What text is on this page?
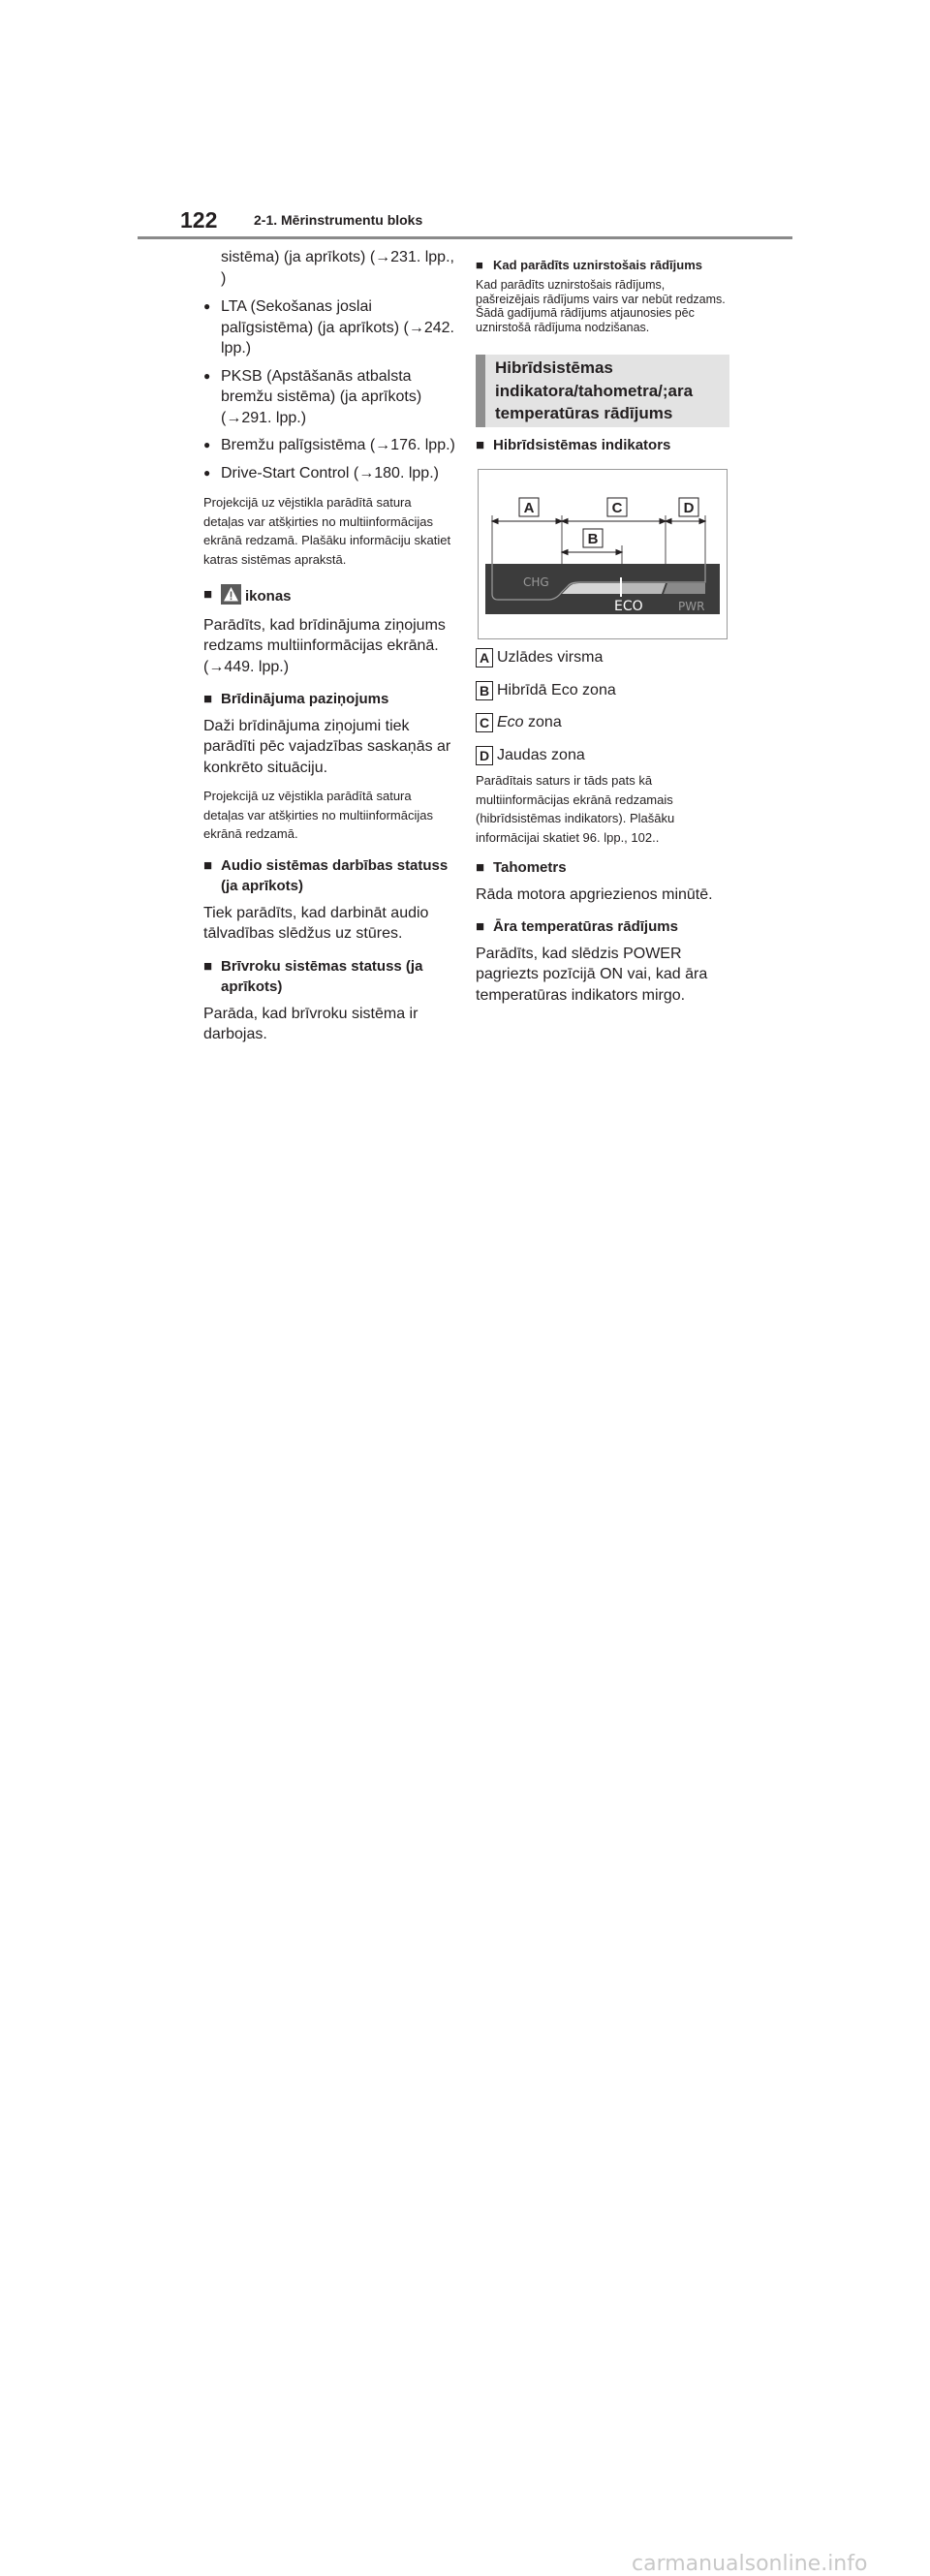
122	2-1. Mērinstrumentu bloks

sistēma) (ja aprīkots) (→231. lpp., )

● LTA (Sekošanas joslai palīgsistēma) (ja aprīkots) (→242. lpp.)

● PKSB (Apstāšanās atbalsta bremžu sistēma) (ja aprīkots) (→291. lpp.)

● Bremžu palīgsistēma (→176. lpp.)

● Drive-Start Control (→180. lpp.)

Projekcijā uz vējstikla parādītā satura detaļas var atšķirties no multiinformācijas ekrānā redzamā. Plašāku informāciju skatiet katras sistēmas aprakstā.

■ ikonas

Parādīts, kad brīdinājuma ziņojums redzams multiinformācijas ekrānā. (→449. lpp.)

■ Brīdinājuma paziņojums

Daži brīdinājuma ziņojumi tiek parādīti pēc vajadzības saskaņās ar konkrēto situāciju.

Projekcijā uz vējstikla parādītā satura detaļas var atšķirties no multiinformācijas ekrānā redzamā.

■ Audio sistēmas darbības statuss (ja aprīkots)

Tiek parādīts, kad darbināt audio tālvadības slēdžus uz stūres.

■ Brīvroku sistēmas statuss (ja aprīkots)

Parāda, kad brīvroku sistēma ir darbojas.

■ Kad parādīts uznirstošais rādījums

Kad parādīts uznirstošais rādījums, pašreizējais rādījums vairs var nebūt redzams. Šādā gadījumā rādījums atjaunosies pēc uznirstošā rādījuma nodzišanas.

Hibrīdsistēmas indikatora/tahometra/;ara temperatūras rādījums

■ Hibrīdsistēmas indikators

A	C	D
B
CHG
ECO	PWR
A Uzlādes virsma
B Hibrīdā Eco zona
C Eco zona
D Jaudas zona

Parādītais saturs ir tāds pats kā multiinformācijas ekrānā redzamais (hibrīdsistēmas indikators). Plašāku informācijai skatiet 96. lpp., 102..

■ Tahometrs

Rāda motora apgriezienos minūtē.

■ Āra temperatūras rādījums

Parādīts, kad slēdzis POWER pagriezts pozīcijā ON vai, kad āra temperatūras indikators mirgo.

carmanualsonline.info
